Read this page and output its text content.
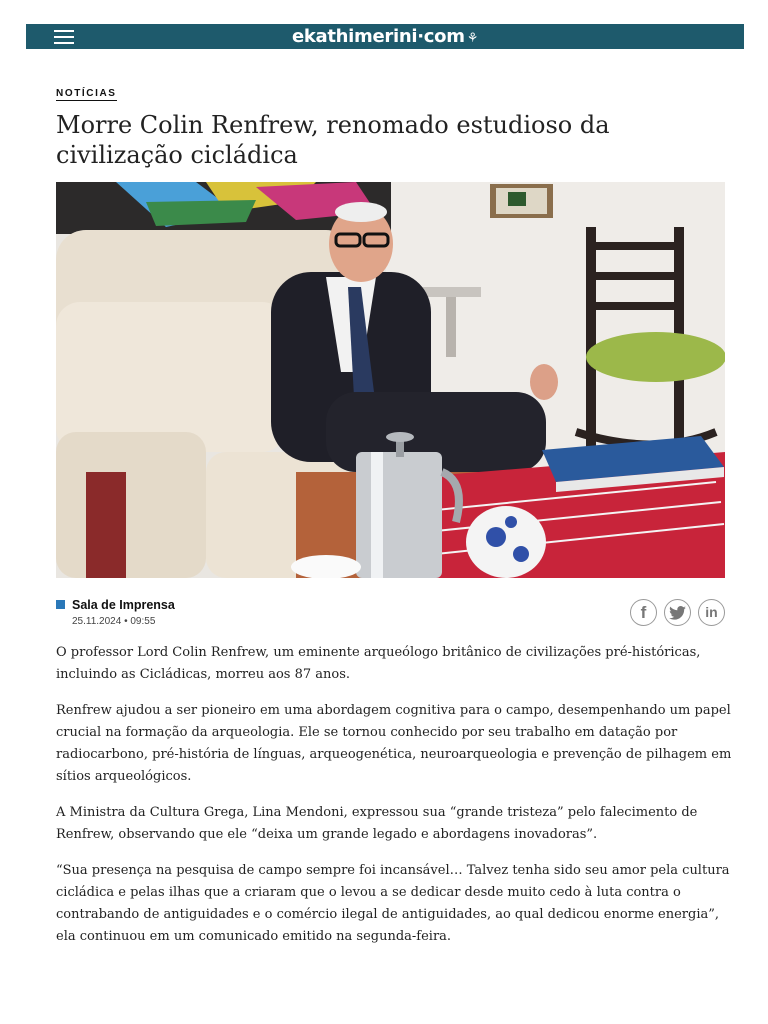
ekathimerini·com ⚘
NOTÍCIAS
Morre Colin Renfrew, renomado estudioso da civilização cicládica
Sala de Imprensa
25.11.2024 • 09:55	f	in

O professor Lord Colin Renfrew, um eminente arqueólogo britânico de civilizações pré-históricas, incluindo as Cicládicas, morreu aos 87 anos.

Renfrew ajudou a ser pioneiro em uma abordagem cognitiva para o campo, desempenhando um papel crucial na formação da arqueologia. Ele se tornou conhecido por seu trabalho em datação por radiocarbono, pré-história de línguas, arqueogenética, neuroarqueologia e prevenção de pilhagem em sítios arqueológicos.

A Ministra da Cultura Grega, Lina Mendoni, expressou sua “grande tristeza” pelo falecimento de Renfrew, observando que ele “deixa um grande legado e abordagens inovadoras”.

“Sua presença na pesquisa de campo sempre foi incansável… Talvez tenha sido seu amor pela cultura cicládica e pelas ilhas que a criaram que o levou a se dedicar desde muito cedo à luta contra o contrabando de antiguidades e o comércio ilegal de antiguidades, ao qual dedicou enorme energia”, ela continuou em um comunicado emitido na segunda-feira.
